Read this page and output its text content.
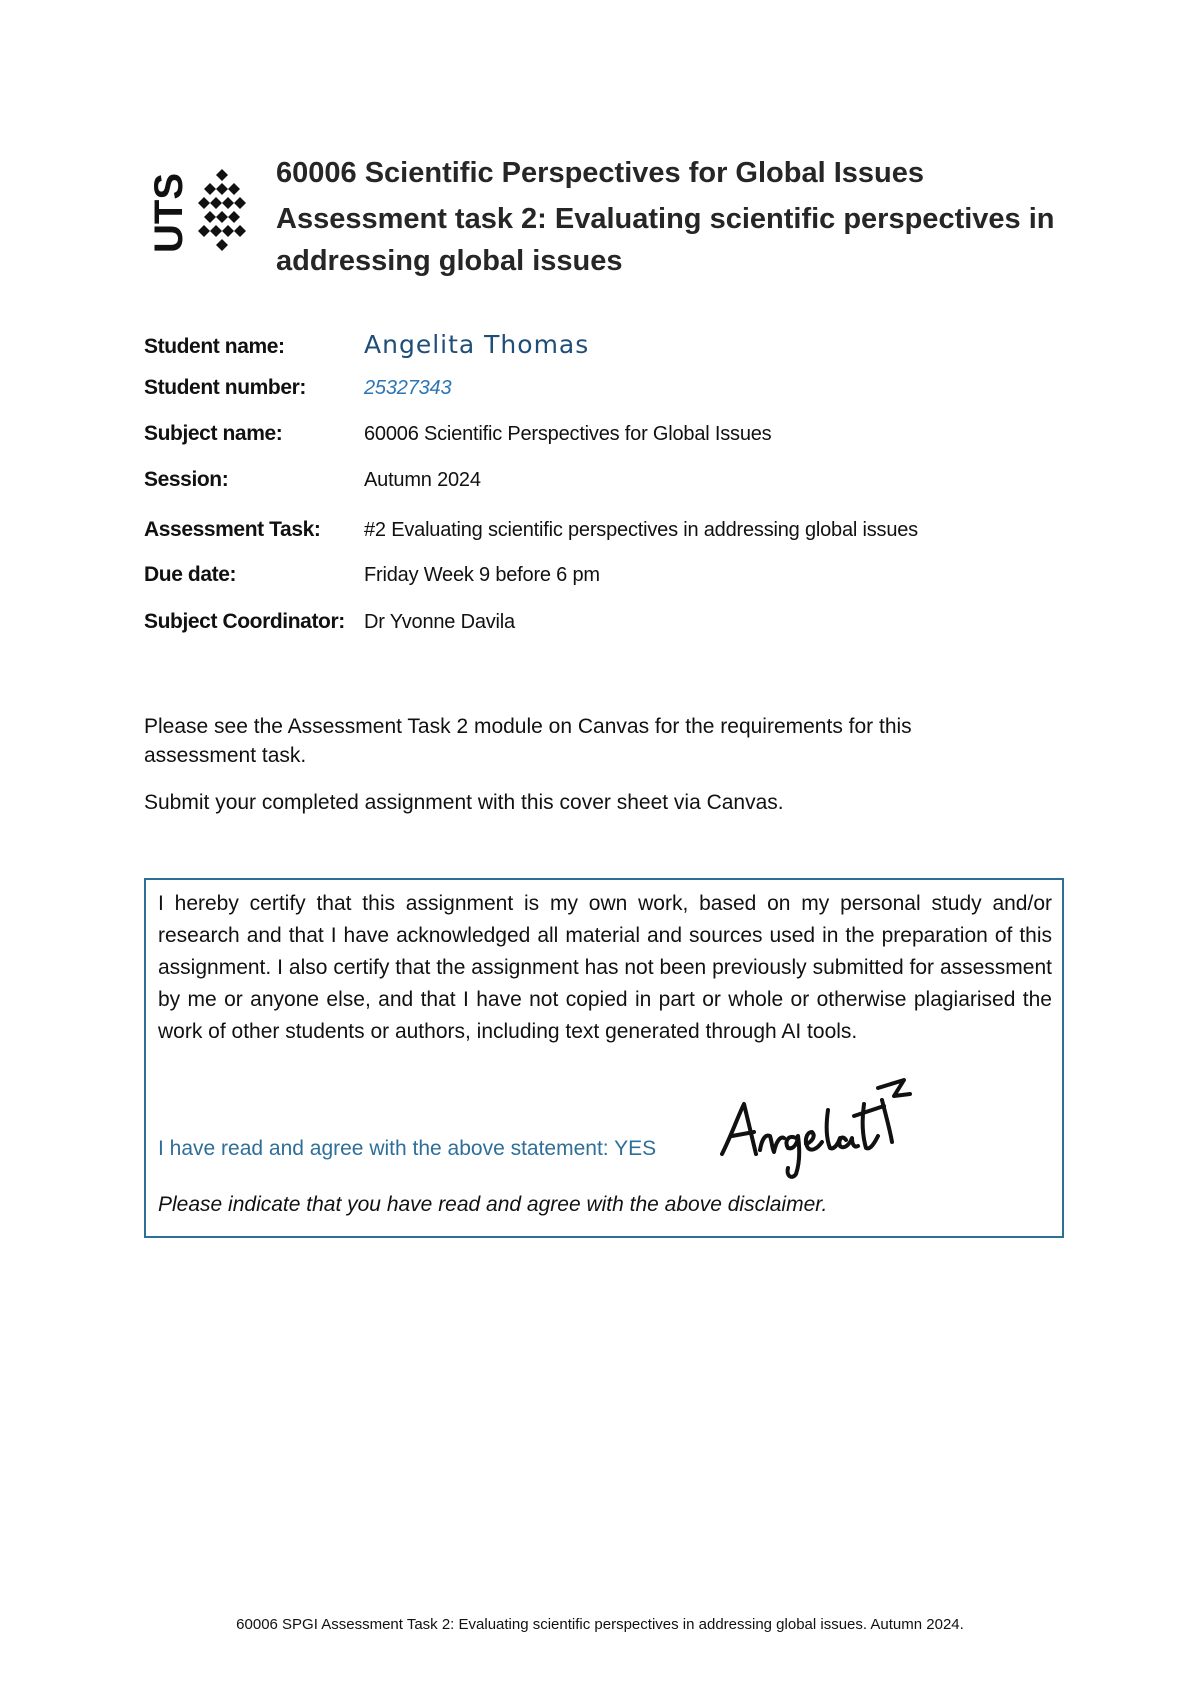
UTS	60006 Scientific Perspectives for Global Issues
Assessment task 2: Evaluating scientific perspectives in addressing global issues
Student name:	Angelita Thomas
Student number:	25327343
Subject name:	60006 Scientific Perspectives for Global Issues
Session:	Autumn 2024
Assessment Task:	#2 Evaluating scientific perspectives in addressing global issues
Due date:	Friday Week 9 before 6 pm
Subject Coordinator: Dr Yvonne Davila

Please see the Assessment Task 2 module on Canvas for the requirements for this assessment task.

Submit your completed assignment with this cover sheet via Canvas.

I hereby certify that this assignment is my own work, based on my personal study and/or research and that I have acknowledged all material and sources used in the preparation of this assignment. I also certify that the assignment has not been previously submitted for assessment by me or anyone else, and that I have not copied in part or whole or otherwise plagiarised the work of other students or authors, including text generated through AI tools.

I have read and agree with the above statement: YES
Please indicate that you have read and agree with the above disclaimer.
60006 SPGI Assessment Task 2: Evaluating scientific perspectives in addressing global issues. Autumn 2024.
